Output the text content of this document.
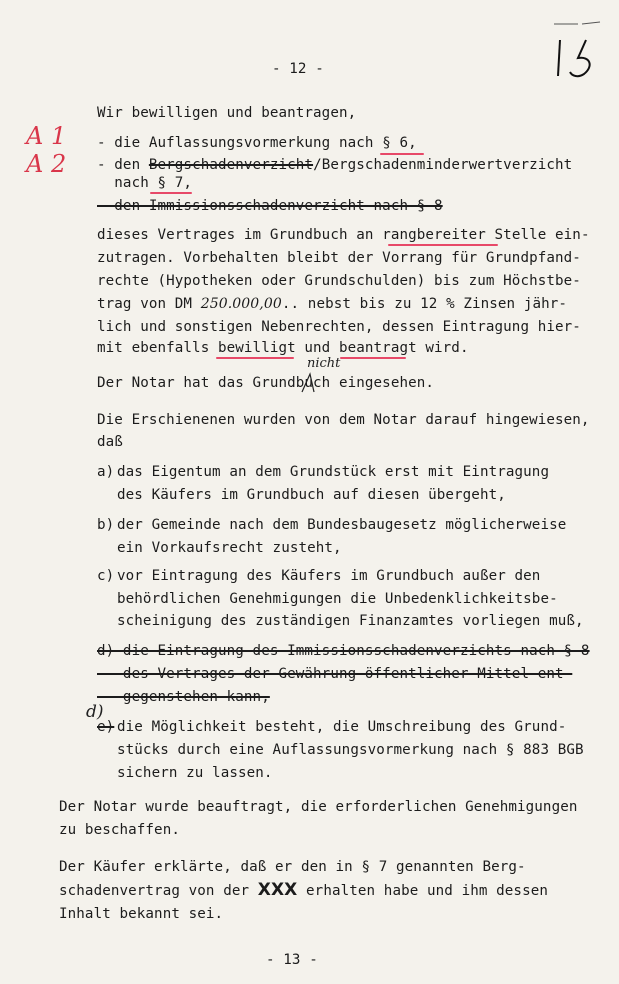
- 12 -
A 1
A 2
Wir bewilligen und beantragen,
- die Auflassungsvormerkung nach § 6,
- den Bergschadenverzicht/Bergschadenminderwertverzicht
nach § 7,
- den Immissionsschadenverzicht nach § 8
dieses Vertrages im Grundbuch an rangbereiter Stelle ein-
zutragen. Vorbehalten bleibt der Vorrang für Grundpfand-
rechte (Hypotheken oder Grundschulden) bis zum Höchstbe-
trag von DM 250.000,00.. nebst bis zu 12 % Zinsen jähr-
lich und sonstigen Nebenrechten, dessen Eintragung hier-
mit ebenfalls bewilligt und beantragt wird.
Der Notar hat das Grundbuch eingesehen.
nicht
Die Erschienenen wurden von dem Notar darauf hingewiesen,
daß
a) das Eigentum an dem Grundstück erst mit Eintragung
des Käufers im Grundbuch auf diesen übergeht,
b) der Gemeinde nach dem Bundesbaugesetz möglicherweise
ein Vorkaufsrecht zusteht,
c) vor Eintragung des Käufers im Grundbuch außer den
behördlichen Genehmigungen die Unbedenklichkeitsbe-
scheinigung des zuständigen Finanzamtes vorliegen muß,
d) die Eintragung des Immissionsschadenverzichts nach § 8
des Vertrages der Gewährung öffentlicher Mittel ent-
gegenstehen kann,
d)
e) die Möglichkeit besteht, die Umschreibung des Grund-
stücks durch eine Auflassungsvormerkung nach § 883 BGB
sichern zu lassen.
Der Notar wurde beauftragt, die erforderlichen Genehmigungen
zu beschaffen.
Der Käufer erklärte, daß er den in § 7 genannten Berg-
schadenvertrag von der XXX erhalten habe und ihm dessen
Inhalt bekannt sei.
- 13 -
